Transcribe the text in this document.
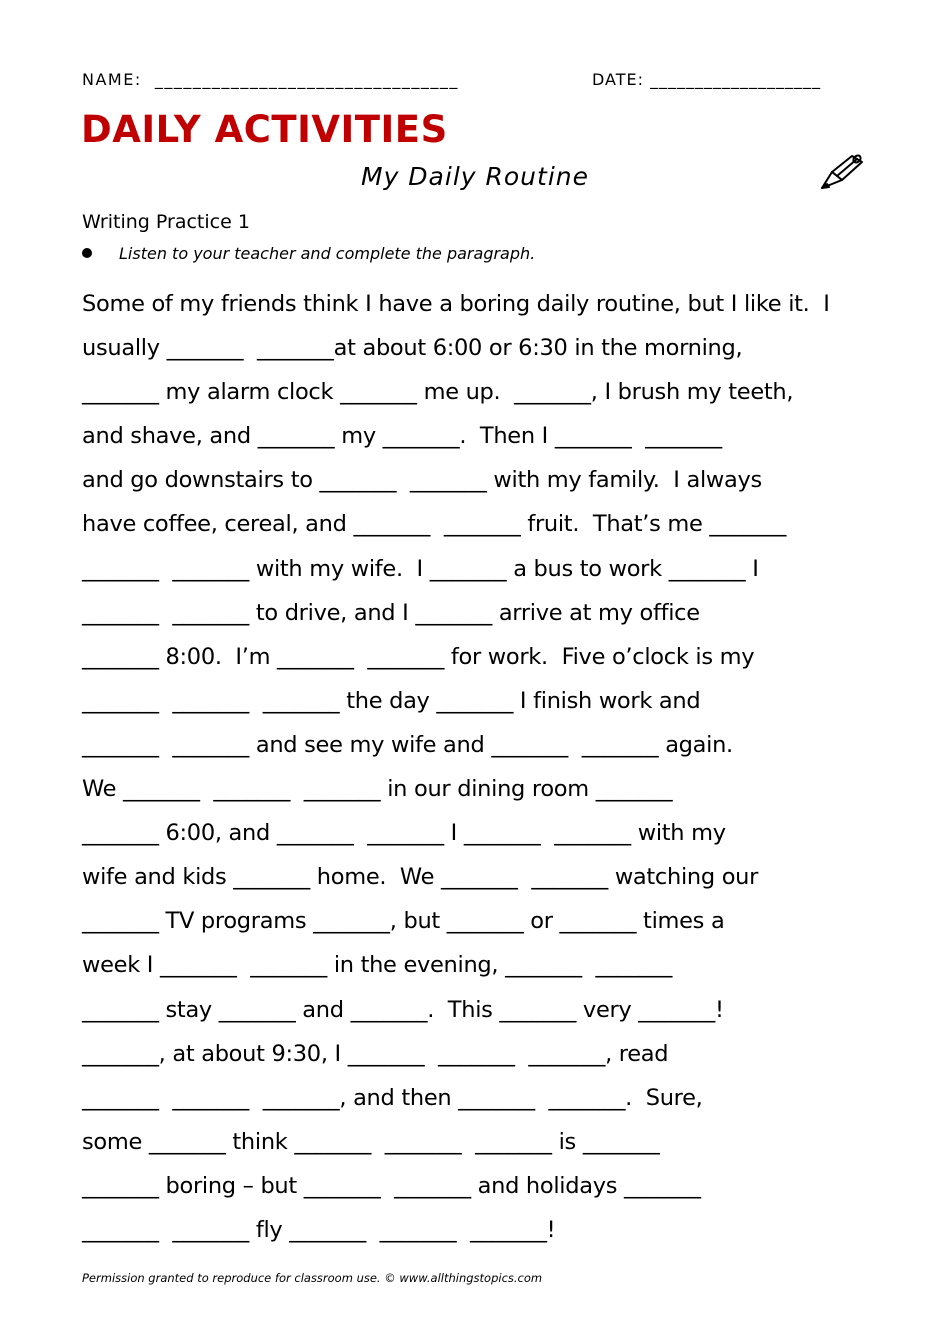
NAME:  ________________________________	DATE: ___________________
DAILY ACTIVITIES
My Daily Routine
Writing Practice 1
Listen to your teacher and complete the paragraph.
Some of my friends think I have a boring daily routine, but I like it.  I
usually _______  _______at about 6:00 or 6:30 in the morning,
_______ my alarm clock _______ me up.  _______, I brush my teeth,
and shave, and _______ my _______.  Then I _______  _______
and go downstairs to _______  _______ with my family.  I always
have coffee, cereal, and _______  _______ fruit.  That’s me _______
_______  _______ with my wife.  I _______ a bus to work _______ I
_______  _______ to drive, and I _______ arrive at my office
_______ 8:00.  I’m _______  _______ for work.  Five o’clock is my
_______  _______  _______ the day _______ I finish work and
_______  _______ and see my wife and _______  _______ again.
We _______  _______  _______ in our dining room _______
_______ 6:00, and _______  _______ I _______  _______ with my
wife and kids _______ home.  We _______  _______ watching our
_______ TV programs _______, but _______ or _______ times a
week I _______  _______ in the evening, _______  _______
_______ stay _______ and _______.  This _______ very _______!
_______, at about 9:30, I _______  _______  _______, read
_______  _______  _______, and then _______  _______.  Sure,
some _______ think _______  _______  _______ is _______
_______ boring – but _______  _______ and holidays _______
_______  _______ fly _______  _______  _______!
Permission granted to reproduce for classroom use. © www.allthingstopics.com
